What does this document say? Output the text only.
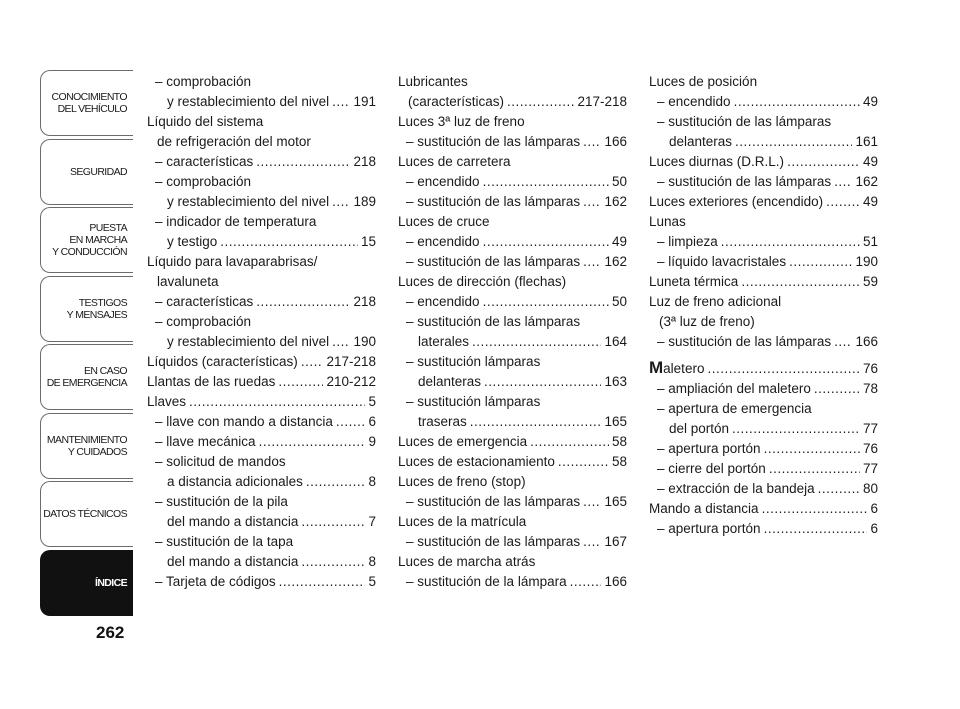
CONOCIMIENTO
DEL VEHÍCULO
SEGURIDAD
PUESTA
EN MARCHA
Y CONDUCCIÓN
TESTIGOS
Y MENSAJES
EN CASO
DE EMERGENCIA
MANTENIMIENTO
Y CUIDADOS
DATOS TÉCNICOS
ÍNDICE
262
– comprobación
y restablecimiento del nivel ..... 191
Líquido del sistema
de refrigeración del motor
– características .....	218
– comprobación
y restablecimiento del nivel ..... 189
– indicador de temperatura
y testigo .....	15
Líquido para lavaparabrisas/
lavaluneta
– características .....	218
– comprobación
y restablecimiento del nivel ..... 190
Líquidos (características) ..... 217-218
Llantas de las ruedas .....	210-212
Llaves .....	5
– llave con mando a distancia .....	6
– llave mecánica .....	9
– solicitud de mandos
a distancia adicionales .....	8
– sustitución de la pila
del mando a distancia .....	7
– sustitución de la tapa
del mando a distancia .....	8
– Tarjeta de códigos .....	5
Lubricantes
(características) .....	217-218
Luces 3ª luz de freno
– sustitución de las lámparas ..... 166
Luces de carretera
– encendido .....	50
– sustitución de las lámparas ..... 162
Luces de cruce
– encendido .....	49
– sustitución de las lámparas ..... 162
Luces de dirección (flechas)
– encendido .....	50
– sustitución de las lámparas
laterales .....	164
– sustitución lámparas
delanteras .....	163
– sustitución lámparas
traseras .....	165
Luces de emergencia .....	58
Luces de estacionamiento .....	58
Luces de freno (stop)
– sustitución de las lámparas ..... 165
Luces de la matrícula
– sustitución de las lámparas ..... 167
Luces de marcha atrás
– sustitución de la lámpara .....	166
Luces de posición
– encendido .....	49
– sustitución de las lámparas
delanteras .....	161
Luces diurnas (D.R.L.) .....	49
– sustitución de las lámparas ..... 162
Luces exteriores (encendido) .....	49
Lunas
– limpieza .....	51
– líquido lavacristales .....	190
Luneta térmica .....	59
Luz de freno adicional
(3ª luz de freno)
– sustitución de las lámparas ..... 166
Maletero .....	76
– ampliación del maletero .....	78
– apertura de emergencia
del portón .....	77
– apertura portón .....	76
– cierre del portón .....	77
– extracción de la bandeja .....	80
Mando a distancia .....	6
– apertura portón .....	6
